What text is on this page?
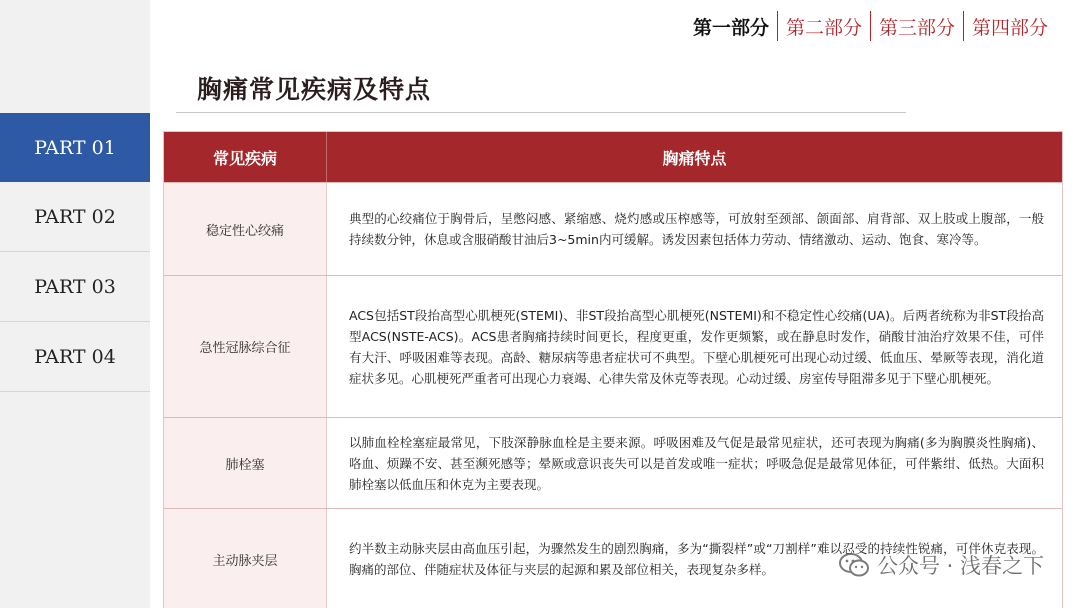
PART 01
PART 02
PART 03
PART 04
第一部分 第二部分 第三部分 第四部分
胸痛常见疾病及特点
常见疾病	胸痛特点
稳定性心绞痛
典型的心绞痛位于胸骨后，呈憋闷感、紧缩感、烧灼感或压榨感等，可放射至颈部、颌面部、肩背部、双上肢或上腹部，一般持续数分钟，休息或含服硝酸甘油后3~5min内可缓解。诱发因素包括体力劳动、情绪激动、运动、饱食、寒冷等。
急性冠脉综合征
ACS包括ST段抬高型心肌梗死(STEMI)、非ST段抬高型心肌梗死(NSTEMI)和不稳定性心绞痛(UA)。后两者统称为非ST段抬高型ACS(NSTE-ACS)。ACS患者胸痛持续时间更长，程度更重，发作更频繁，或在静息时发作，硝酸甘油治疗效果不佳，可伴有大汗、呼吸困难等表现。高龄、糖尿病等患者症状可不典型。下壁心肌梗死可出现心动过缓、低血压、晕厥等表现，消化道症状多见。心肌梗死严重者可出现心力衰竭、心律失常及休克等表现。心动过缓、房室传导阻滞多见于下壁心肌梗死。
肺栓塞
以肺血栓栓塞症最常见，下肢深静脉血栓是主要来源。呼吸困难及气促是最常见症状，还可表现为胸痛(多为胸膜炎性胸痛)、咯血、烦躁不安、甚至濒死感等；晕厥或意识丧失可以是首发或唯一症状；呼吸急促是最常见体征，可伴紫绀、低热。大面积肺栓塞以低血压和休克为主要表现。
主动脉夹层
约半数主动脉夹层由高血压引起，为骤然发生的剧烈胸痛，多为“撕裂样”或“刀割样”难以忍受的持续性锐痛，可伴休克表现。胸痛的部位、伴随症状及体征与夹层的起源和累及部位相关，表现复杂多样。	公众号 · 浅春之下
